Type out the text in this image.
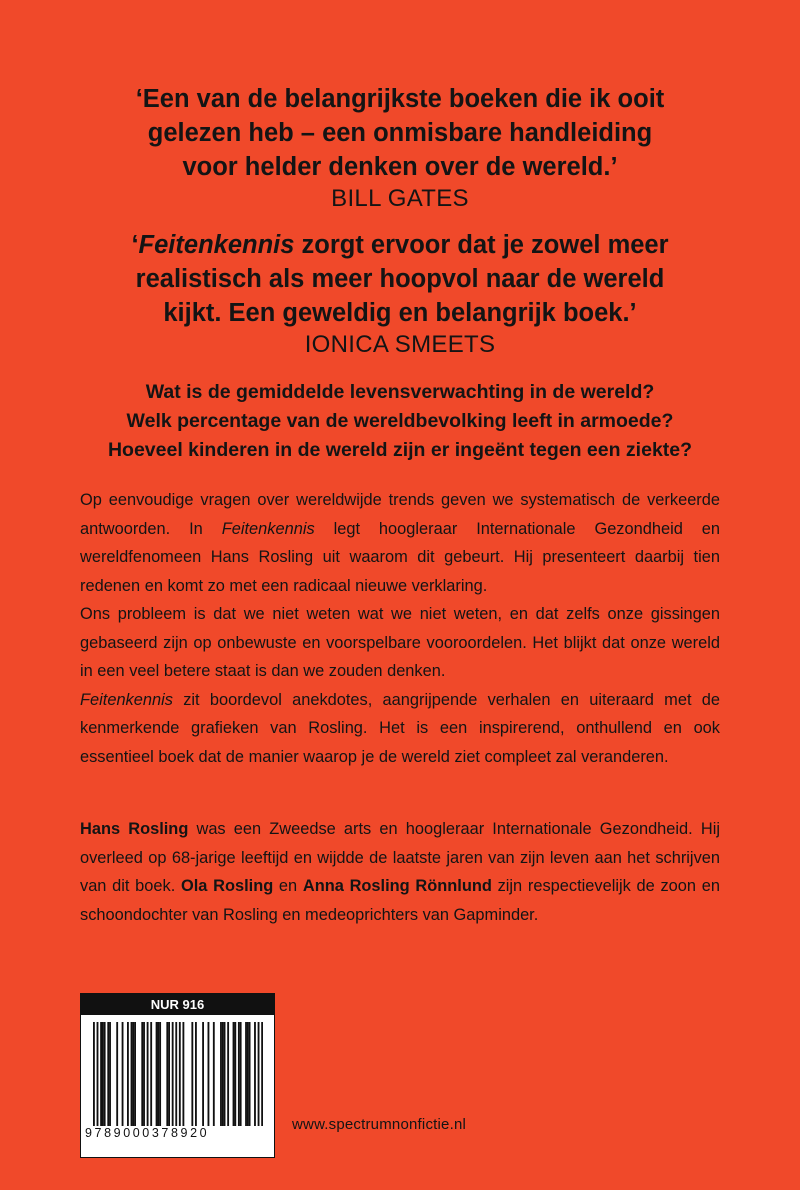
‘Een van de belangrijkste boeken die ik ooit
gelezen heb – een onmisbare handleiding
voor helder denken over de wereld.’

BILL GATES

‘Feitenkennis zorgt ervoor dat je zowel meer
realistisch als meer hoopvol naar de wereld
kijkt. Een geweldig en belangrijk boek.’

IONICA SMEETS

Wat is de gemiddelde levensverwachting in de wereld?
Welk percentage van de wereldbevolking leeft in armoede?
Hoeveel kinderen in de wereld zijn er ingeënt tegen een ziekte?

Op eenvoudige vragen over wereldwijde trends geven we systematisch de verkeerde antwoorden. In Feitenkennis legt hoogleraar Internationale Gezondheid en wereldfenomeen Hans Rosling uit waarom dit gebeurt. Hij presenteert daarbij tien redenen en komt zo met een radicaal nieuwe verklaring.

Ons probleem is dat we niet weten wat we niet weten, en dat zelfs onze gissingen gebaseerd zijn op onbewuste en voorspelbare vooroordelen. Het blijkt dat onze wereld in een veel betere staat is dan we zouden denken.

Feitenkennis zit boordevol anekdotes, aangrijpende verhalen en uiteraard met de kenmerkende grafieken van Rosling. Het is een inspirerend, onthullend en ook essentieel boek dat de manier waarop je de wereld ziet compleet zal veranderen.

Hans Rosling was een Zweedse arts en hoogleraar Internationale Gezondheid. Hij overleed op 68-jarige leeftijd en wijdde de laatste jaren van zijn leven aan het schrijven van dit boek. Ola Rosling en Anna Rosling Rönnlund zijn respectievelijk de zoon en schoondochter van Rosling en medeoprichters van Gapminder.

NUR 916
9789000378920	www.spectrumnonfictie.nl
